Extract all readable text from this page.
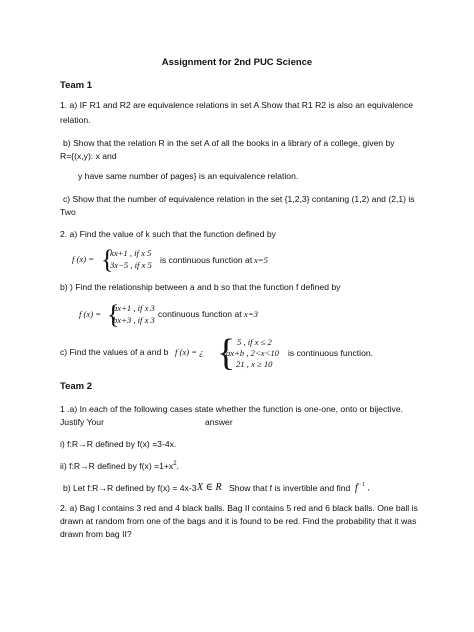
Assignment for 2nd PUC Science
Team 1
1. a) IF R1 and R2 are equivalence relations in set A Show that R1 R2 is also an equivalence
relation.
b) Show that the relation R in the set A of all the books in a library of a college, given by
R={(x,y): x and
y have same number of pages} is an equivalence relation.
c) Show that the number of equivalence relation in the set {1,2,3} contaning (1,2) and (2,1) is
Two
2. a) Find the value of k such that the function defined by
f (x) = {
kx+1 , if x 5
3x−5 , if x 5 is continuous function at x=5
b) ) Find the relationship between a and b so that the function f defined by
f (x) = {
ax+1 , if x 3
bx+3 , if x 3
continuous function at x=3
c) Find the values of a and b f (x) = ¿ { 5 , if x ≤ 2
ax+b , 2<x<10
21 , x ≥ 10
is continuous function.
Team 2
1 .a) In each of the following cases state whether the function is one-one, onto or bijective.
Justify Your	answer
i) f:R→R defined by f(x) =3-4x.
ii) f:R→R defined by $f(x) =1+x^2$.
b) Let f:R→R defined by f(x) = 4x-3 X ∈ R Show that f is invertible and find $f^{-1}$ .
2. a) Bag I contains 3 red and 4 black balls. Bag II contains 5 red and 6 black balls. One ball is
drawn at random from one of the bags and it is found to be red. Find the probability that it was
drawn from bag II?
